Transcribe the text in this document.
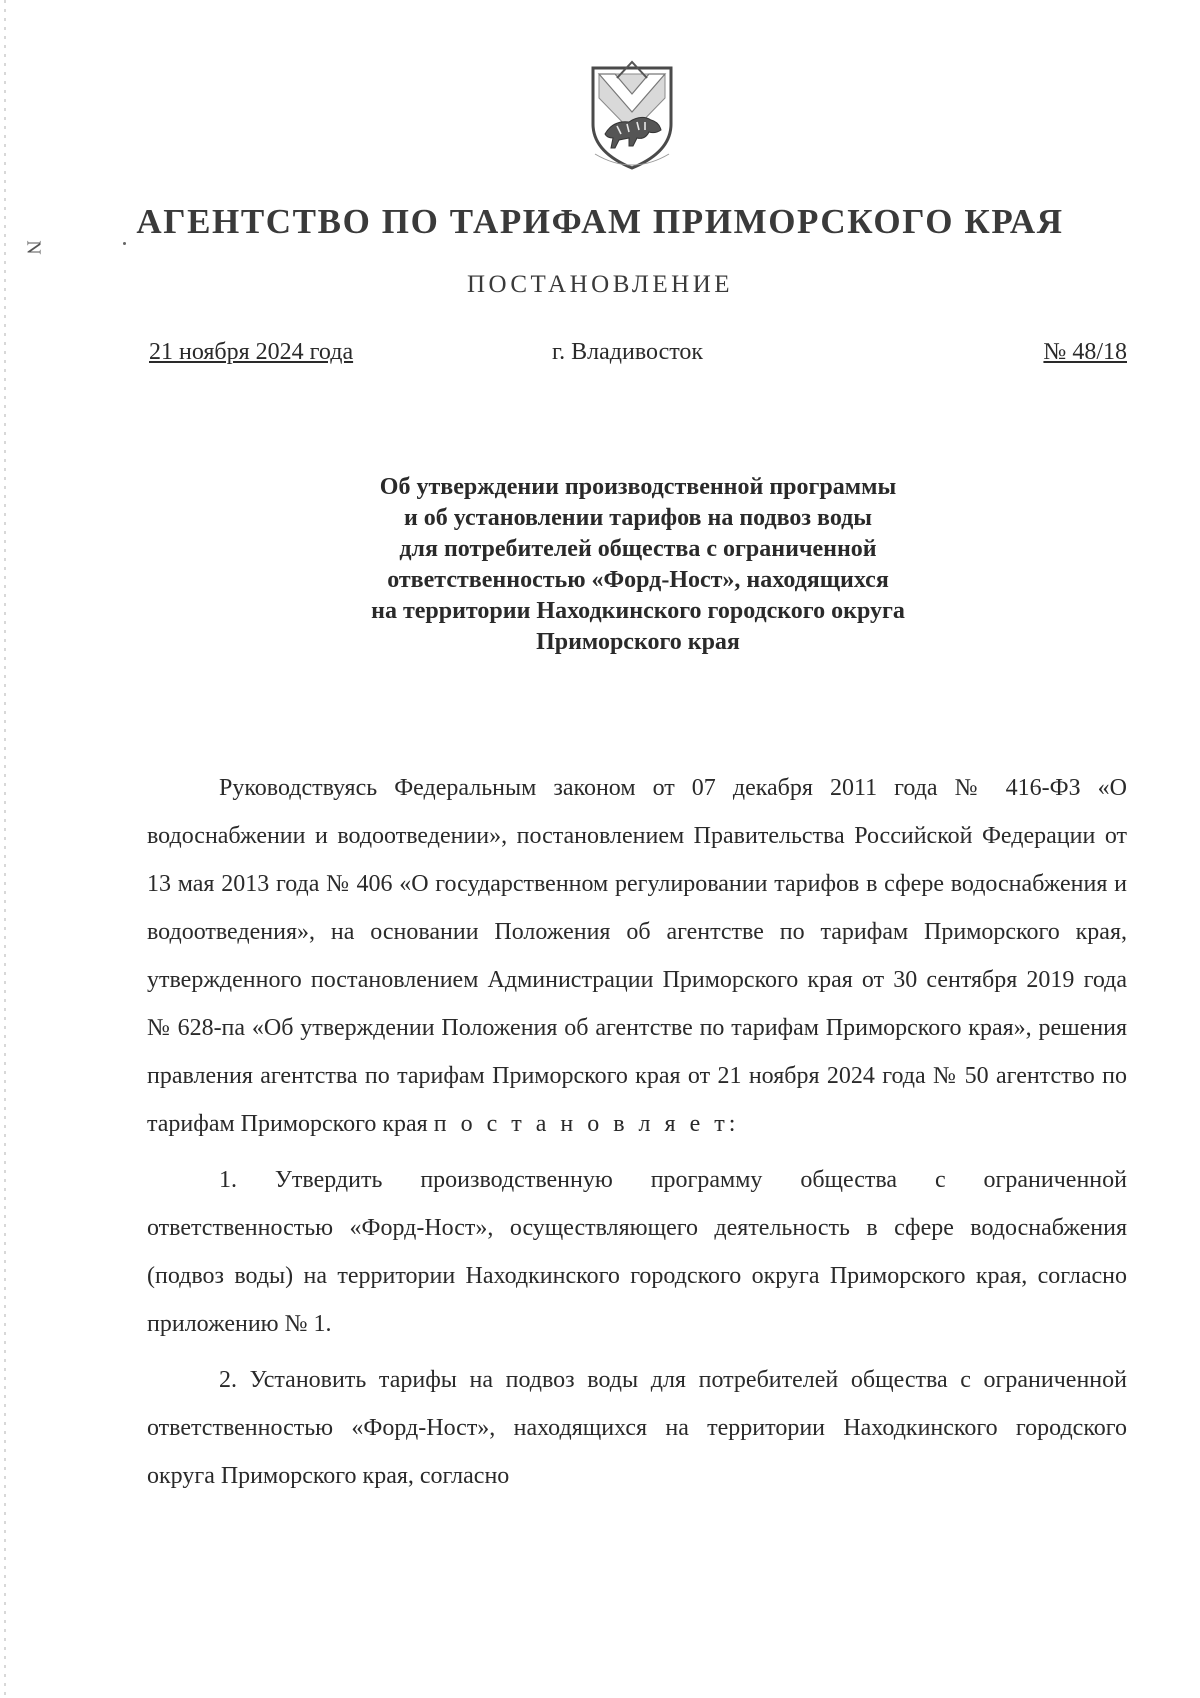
N
АГЕНТСТВО ПО ТАРИФАМ ПРИМОРСКОГО КРАЯ
ПОСТАНОВЛЕНИЕ
21 ноября 2024 года	г. Владивосток	№ 48/18
Об утверждении производственной программы
и об установлении тарифов на подвоз воды
для потребителей общества с ограниченной
ответственностью «Форд-Ност», находящихся
на территории Находкинского городского округа
Приморского края

Руководствуясь Федеральным законом от 07 декабря 2011 года № 416-ФЗ «О водоснабжении и водоотведении», постановлением Правительства Российской Федерации от 13 мая 2013 года № 406 «О государственном регулировании тарифов в сфере водоснабжения и водоотведения», на основании Положения об агентстве по тарифам Приморского края, утвержденного постановлением Администрации Приморского края от 30 сентября 2019 года № 628-па «Об утверждении Положения об агентстве по тарифам Приморского края», решения правления агентства по тарифам Приморского края от 21 ноября 2024 года № 50 агентство по тарифам Приморского края п о с т а н о в л я е т:

1. Утвердить производственную программу общества с ограниченной ответственностью «Форд-Ност», осуществляющего деятельность в сфере водоснабжения (подвоз воды) на территории Находкинского городского округа Приморского края, согласно приложению № 1.

2. Установить тарифы на подвоз воды для потребителей общества с ограниченной ответственностью «Форд-Ност», находящихся на территории Находкинского городского округа Приморского края, согласно
